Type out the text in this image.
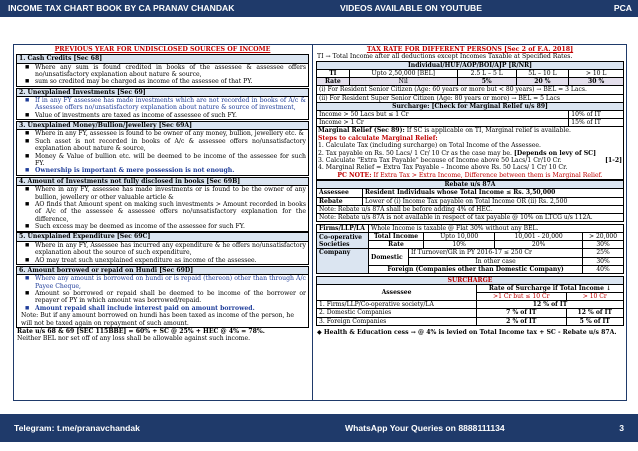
INCOME TAX CHART BOOK BY CA PRANAV CHANDAK	VIDEOS AVAILABLE ON YOUTUBE	PCA
PREVIOUS YEAR FOR UNDISCLOSED SOURCES OF INCOME
1. Cash Credits [Sec 68]
■ Where any sum is found credited in books of the assessee & assessee offers no/unsatisfactory explanation about nature & source,
■ sum so credited may be charged as income of the assessee of that PY.
2. Unexplained Investments [Sec 69]
■ If in any FY assessee has made investments which are not recorded in books of A/c & Assessee offers no/unsatisfactory explanation about nature & source of investment,
■ Value of investments are taxed as income of assessee of such FY.
3. Unexplained Money/Bullion/Jewellery [Sec 69A]
■ Where in any FY, assessee is found to be owner of any money, bullion, jewellery etc. &
■ Such asset is not recorded in books of A/c & assessee offers no/unsatisfactory explanation about nature & source,
■ Money & Value of bullion etc. will be deemed to be income of the assessee for such FY.
■ Ownership is important & mere possession is not enough.
4. Amount of Investments not fully disclosed in books [Sec 69B]
■ Where in any FY, assessee has made investments or is found to be the owner of any bullion, jewellery or other valuable article &
■ AO finds that Amount spent on making such investments > Amount recorded in books of A/c of the assessee & assessee offers no/unsatisfactory explanation for the difference,
■ Such excess may be deemed as income of the assessee for such FY.
5. Unexplained Expenditure [Sec 69C]
■ Where in any FY, Assessee has incurred any expenditure & he offers no/unsatisfactory explanation about the source of such expenditure,
■ AO may treat such unexplained expenditure as income of the assessee.
6. Amount borrowed or repaid on Hundi [Sec 69D]
■ Where any amount is borrowed on hundi or is repaid (thereon) other than through A/c Payee Cheque,
■ Amount so borrowed or repaid shall be deemed to be income of the borrower or repayer of PY in which amount was borrowed/repaid.
■ Amount repaid shall include interest paid on amount borrowed.
Note: But if any amount borrowed on hundi has been taxed as income of the person, he will not be taxed again on repayment of such amount.
Rate u/s 68 & 69 [SEC 115BBE] = 60% + SC @ 25% + HEC @ 4% = 78%.
Neither BEL nor set off of any loss shall be allowable against such income.
TAX RATE FOR DIFFERENT PERSONS [Sec 2 of F.A. 2018]
TI → Total Income after all deductions except Incomes Taxable at Specified Rates.
Individual/HUF/AOP/BOI/AJP [R/NR]				
TI	Upto 2,50,000 [BEL]	2.5 L – 5 L	5L – 10 L	> 10 L
Rate	Nil	5%	20 %	30 %
(i) For Resident Senior Citizen (Age: 60 years or more but < 80 years) → BEL = 3 Lacs.				
(ii) For Resident Super Senior Citizen (Age: 80 years or more) → BEL = 5 Lacs				
Surcharge: [Check for Marginal Relief u/s 89]				
Income > 50 Lacs but ≤ 1 Cr				10% of IT
Income > 1 Cr				15% of IT
Marginal Relief (Sec 89): If SC is applicable on TI, Marginal relief is available.
Steps to calculate Marginal Relief:
1. Calculate Tax (including surcharge) on Total Income of the Assessee.
2. Tax payable on Rs. 50 Lacs/ 1 Cr/ 10 Cr as the case may be. [Depends on levy of SC]
3. Calculate "Extra Tax Payable" because of Income above 50 Lacs/1 Cr/10 Cr.	[1-2]
4. Marginal Relief = Extra Tax Payable – Income above Rs. 50 Lacs/ 1 Cr/ 10 Cr.
PC NOTE: If Extra Tax > Extra Income, Difference between them is Marginal Relief.
Rebate u/s 87A	
Assessee	Resident Individuals whose Total Income ≤ Rs. 3,50,000
Rebate	Lower of (i) Income Tax payable on Total Income OR (ii) Rs. 2,500
Note: Rebate u/s 87A shall be before adding 4% of HEC.	
Note: Rebate u/s 87A is not available in respect of tax payable @ 10% on LTCG u/s 112A.	
Firms/LLP/LA	Whole Income is taxable @ Flat 30% without any BEL.				
Co-operative Societies	Total Income		Upto 10,000	10,001 - 20,000	> 20,000
	Rate		10%	20%	30%
Company	Domestic	If Turnover/GR in PY 2016-17 ≤ 250 Cr			25%
		In other case			30%
	Foreign (Companies other than Domestic Company)				40%
SURCHARGE		
Assessee	Rate of Surcharge if Total Income ↓	
	>1 Cr but ≤ 10 Cr	> 10 Cr
1. Firms/LLP/Co-operative society/LA	12 % of IT	
2. Domestic Companies	7 % of IT	12 % of IT
3. Foreign Companies	2 % of IT	5 % of IT
◆ Health & Education cess → @ 4% is levied on Total Income tax + SC - Rebate u/s 87A.
Telegram: t.me/pranavchandak	WhatsApp Your Queries on 8888111134	3
